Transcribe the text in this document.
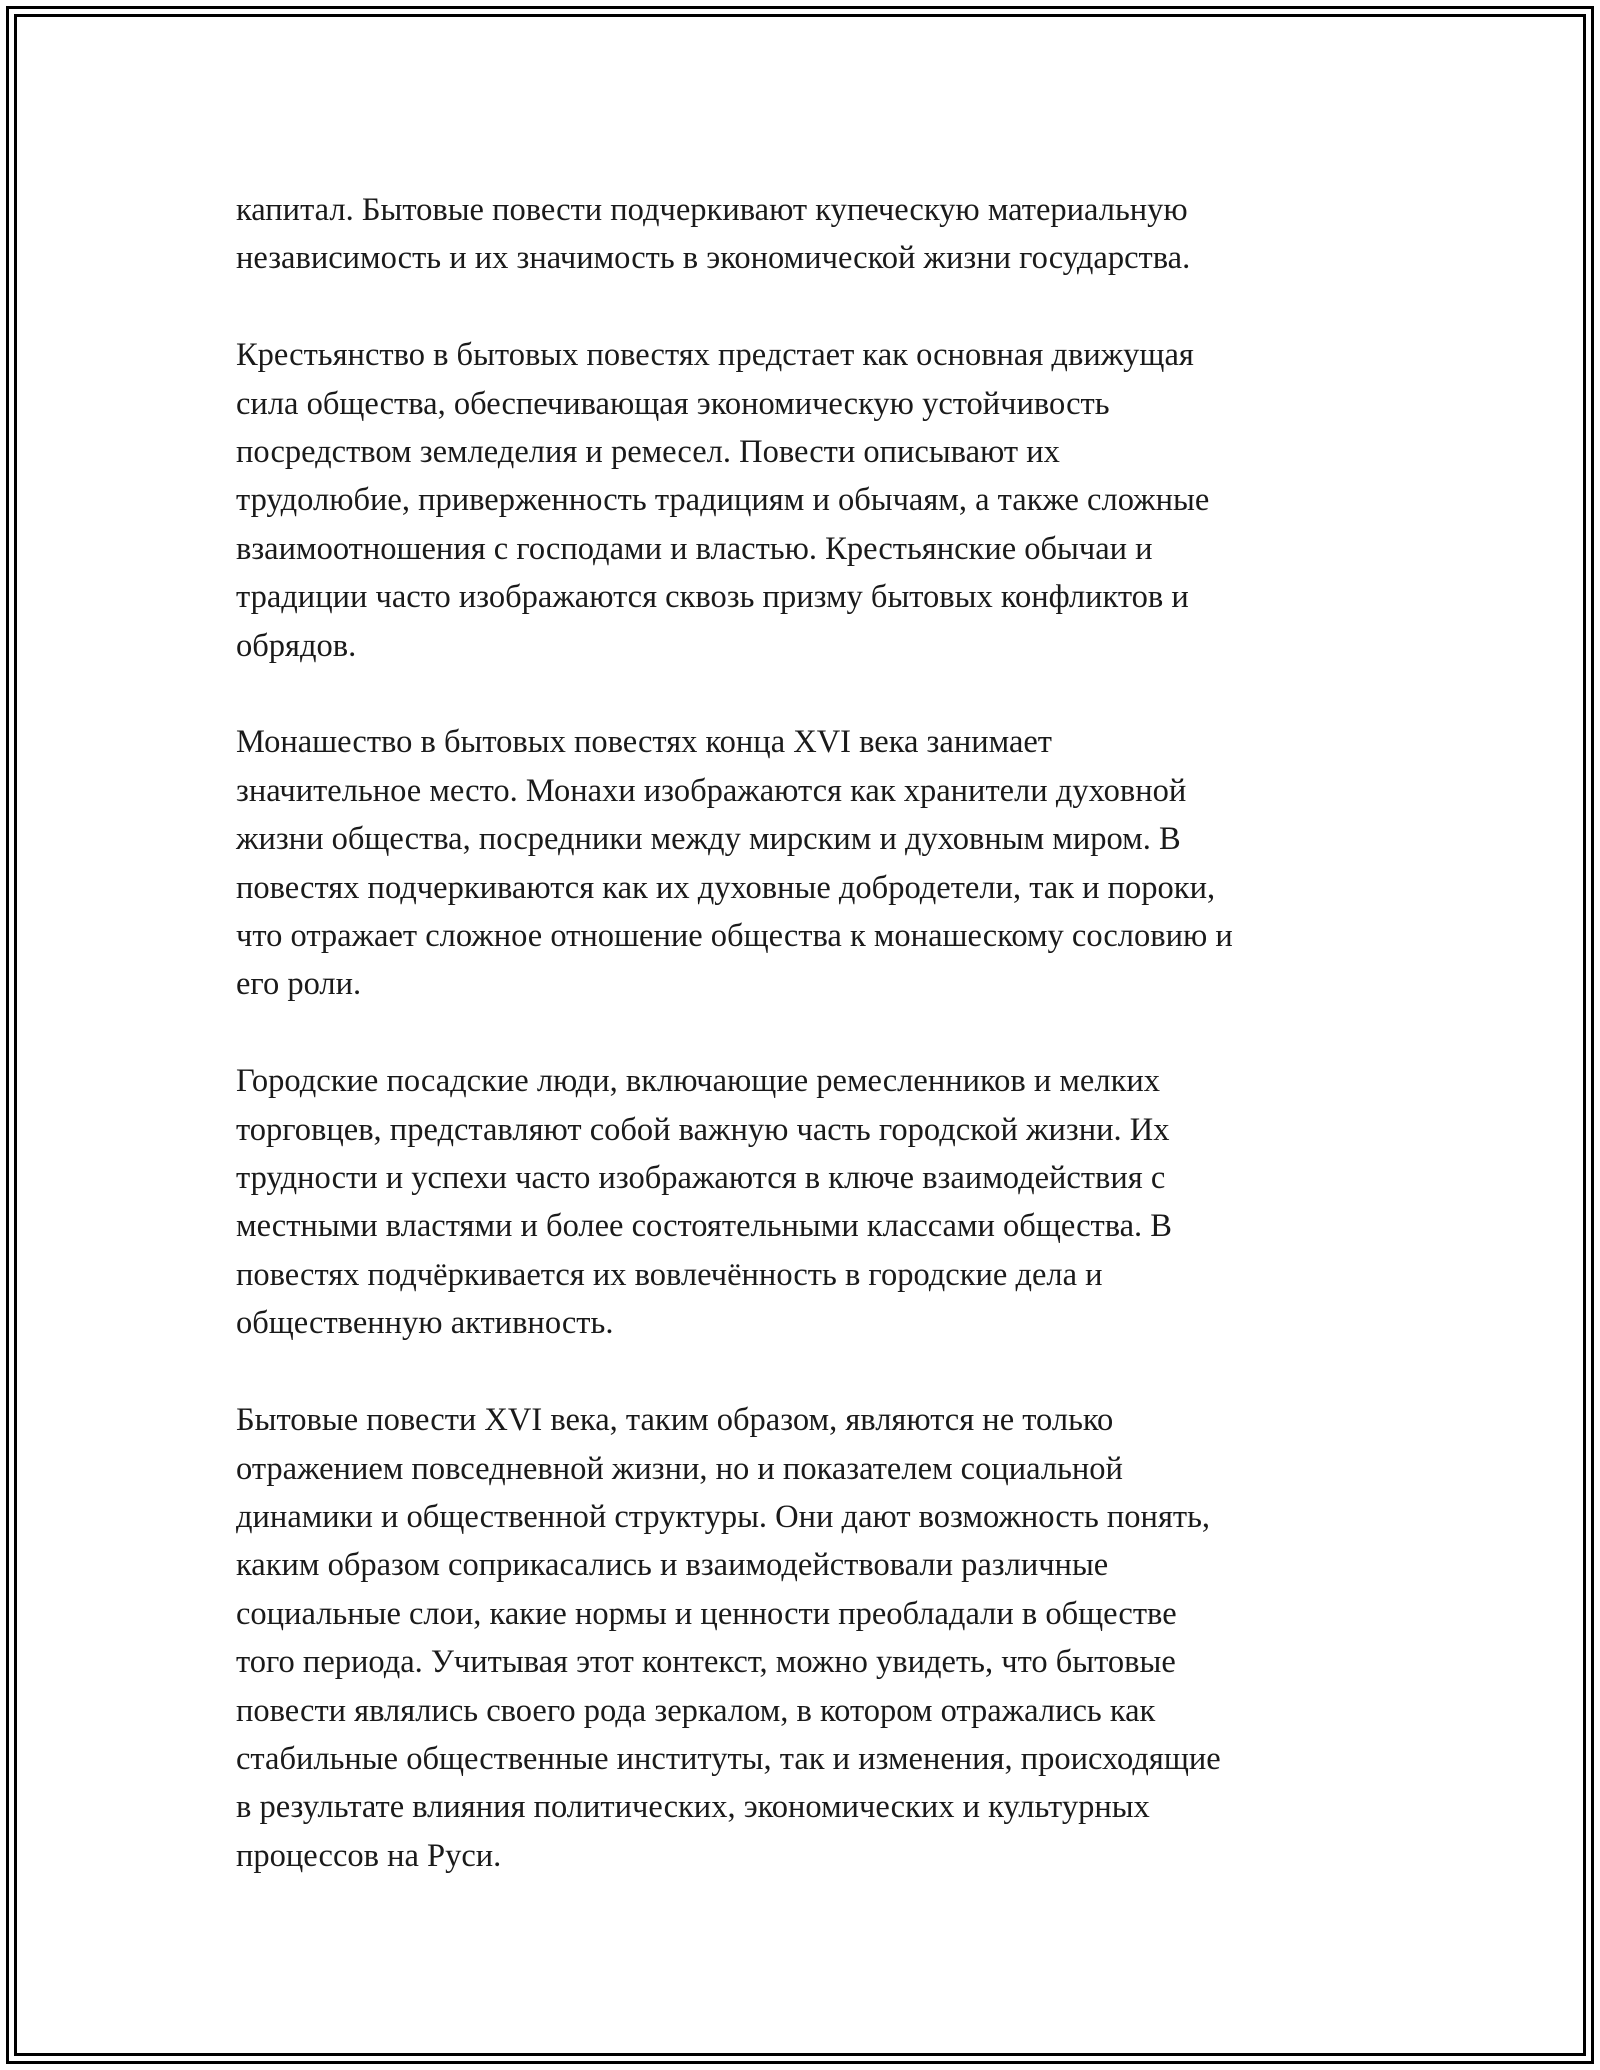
капитал. Бытовые повести подчеркивают купеческую материальную
независимость и их значимость в экономической жизни государства.

Крестьянство в бытовых повестях предстает как основная движущая
сила общества, обеспечивающая экономическую устойчивость
посредством земледелия и ремесел. Повести описывают их
трудолюбие, приверженность традициям и обычаям, а также сложные
взаимоотношения с господами и властью. Крестьянские обычаи и
традиции часто изображаются сквозь призму бытовых конфликтов и
обрядов.

Монашество в бытовых повестях конца XVI века занимает
значительное место. Монахи изображаются как хранители духовной
жизни общества, посредники между мирским и духовным миром. В
повестях подчеркиваются как их духовные добродетели, так и пороки,
что отражает сложное отношение общества к монашескому сословию и
его роли.

Городские посадские люди, включающие ремесленников и мелких
торговцев, представляют собой важную часть городской жизни. Их
трудности и успехи часто изображаются в ключе взаимодействия с
местными властями и более состоятельными классами общества. В
повестях подчёркивается их вовлечённость в городские дела и
общественную активность.

Бытовые повести XVI века, таким образом, являются не только
отражением повседневной жизни, но и показателем социальной
динамики и общественной структуры. Они дают возможность понять,
каким образом соприкасались и взаимодействовали различные
социальные слои, какие нормы и ценности преобладали в обществе
того периода. Учитывая этот контекст, можно увидеть, что бытовые
повести являлись своего рода зеркалом, в котором отражались как
стабильные общественные институты, так и изменения, происходящие
в результате влияния политических, экономических и культурных
процессов на Руси.
